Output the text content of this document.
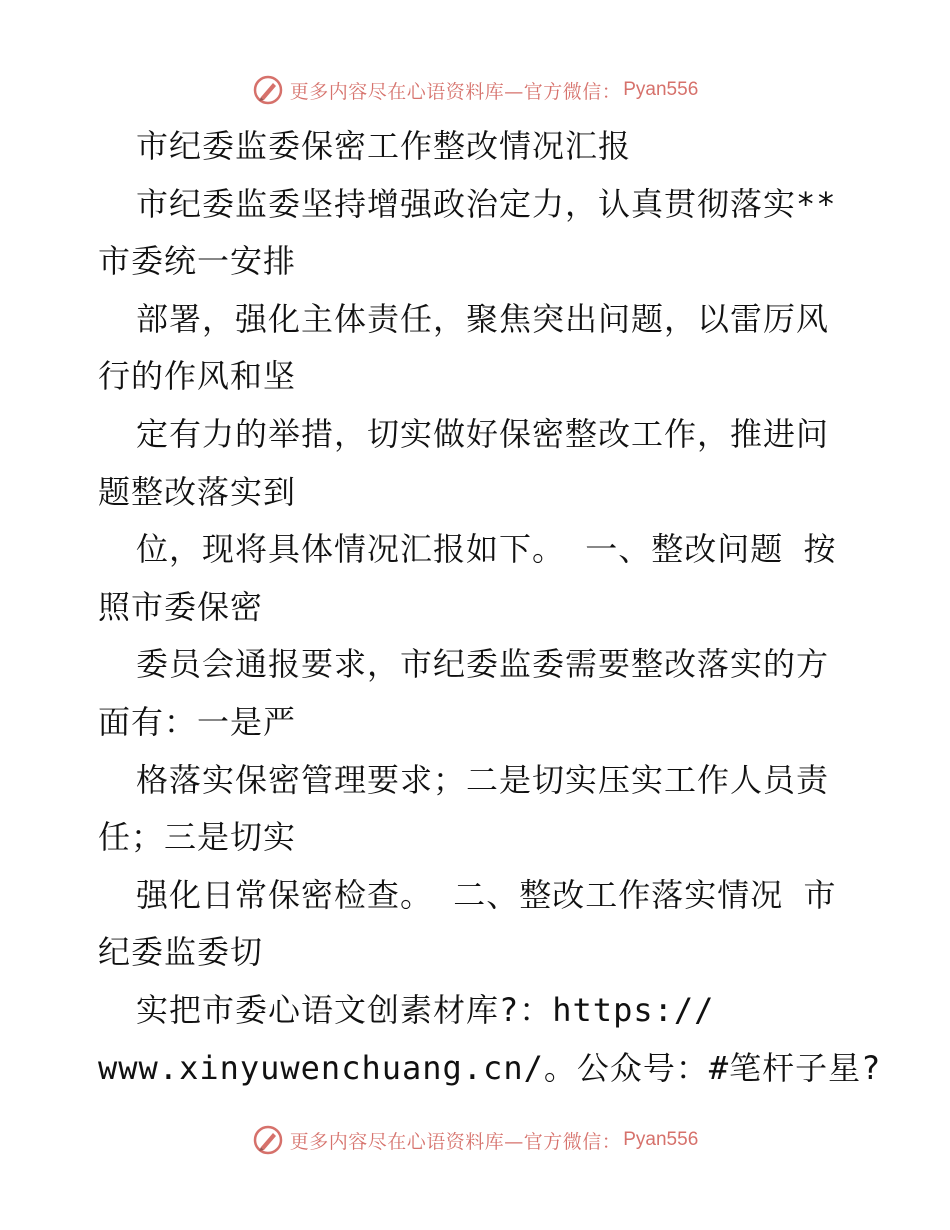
更多内容尽在心语资料库—官方微信： Pyan556
市纪委监委保密工作整改情况汇报
市纪委监委坚持增强政治定力，认真贯彻落实**
市委统一安排
部署，强化主体责任，聚焦突出问题，以雷厉风
行的作风和坚
定有力的举措，切实做好保密整改工作，推进问
题整改落实到
位，现将具体情况汇报如下。 一、整改问题 按
照市委保密
委员会通报要求，市纪委监委需要整改落实的方
面有：一是严
格落实保密管理要求；二是切实压实工作人员责
任；三是切实
强化日常保密检查。 二、整改工作落实情况 市
纪委监委切
实把市委心语文创素材库?：https://
www.xinyuwenchuang.cn/。公众号：#笔杆子星?
更多内容尽在心语资料库—官方微信： Pyan556
